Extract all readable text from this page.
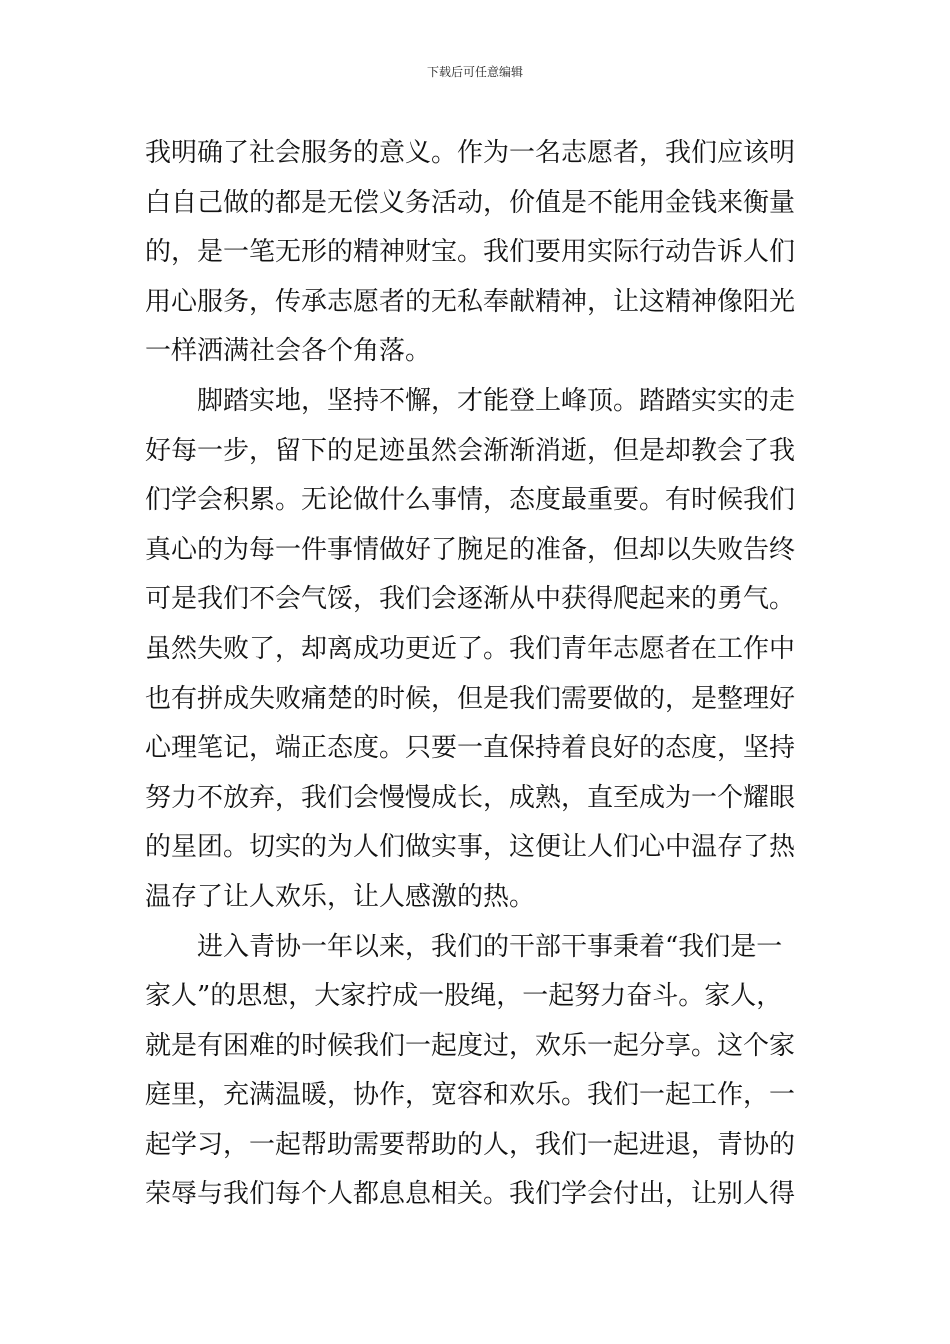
下载后可任意编辑
我明确了社会服务的意义。作为一名志愿者，我们应该明
白自己做的都是无偿义务活动，价值是不能用金钱来衡量
的，是一笔无形的精神财宝。我们要用实际行动告诉人们
用心服务，传承志愿者的无私奉献精神，让这精神像阳光
一样洒满社会各个角落。
　　脚踏实地，坚持不懈，才能登上峰顶。踏踏实实的走
好每一步，留下的足迹虽然会渐渐消逝，但是却教会了我
们学会积累。无论做什么事情，态度最重要。有时候我们
真心的为每一件事情做好了腕足的准备，但却以失败告终
可是我们不会气馁，我们会逐渐从中获得爬起来的勇气。
虽然失败了，却离成功更近了。我们青年志愿者在工作中
也有拼成失败痛楚的时候，但是我们需要做的，是整理好
心理笔记，端正态度。只要一直保持着良好的态度，坚持
努力不放弃，我们会慢慢成长，成熟，直至成为一个耀眼
的星团。切实的为人们做实事，这便让人们心中温存了热
温存了让人欢乐，让人感激的热。
　　进入青协一年以来，我们的干部干事秉着“我们是一
家人”的思想，大家拧成一股绳，一起努力奋斗。家人，
就是有困难的时候我们一起度过，欢乐一起分享。这个家
庭里，充满温暖，协作，宽容和欢乐。我们一起工作，一
起学习，一起帮助需要帮助的人，我们一起进退，青协的
荣辱与我们每个人都息息相关。我们学会付出，让别人得
